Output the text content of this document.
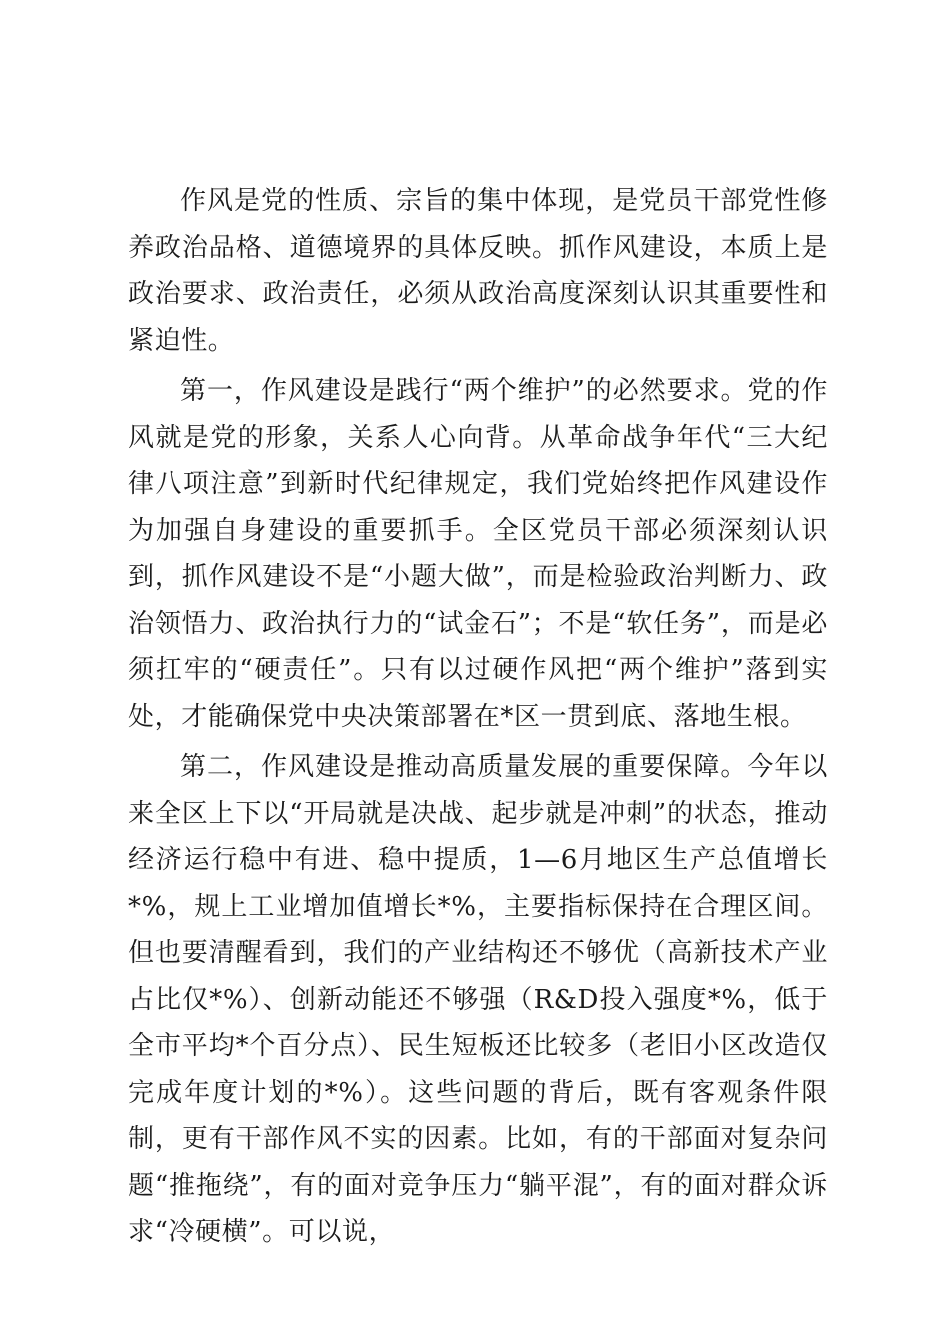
作风是党的性质、宗旨的集中体现，是党员干部党性修养政治品格、道德境界的具体反映。抓作风建设，本质上是政治要求、政治责任，必须从政治高度深刻认识其重要性和紧迫性。

第一，作风建设是践行“两个维护”的必然要求。党的作风就是党的形象，关系人心向背。从革命战争年代“三大纪律八项注意”到新时代纪律规定，我们党始终把作风建设作为加强自身建设的重要抓手。全区党员干部必须深刻认识到，抓作风建设不是“小题大做”，而是检验政治判断力、政治领悟力、政治执行力的“试金石”；不是“软任务”，而是必须扛牢的“硬责任”。只有以过硬作风把“两个维护”落到实处，才能确保党中央决策部署在*区一贯到底、落地生根。

第二，作风建设是推动高质量发展的重要保障。今年以来全区上下以“开局就是决战、起步就是冲刺”的状态，推动经济运行稳中有进、稳中提质，1—6月地区生产总值增长*%，规上工业增加值增长*%，主要指标保持在合理区间。但也要清醒看到，我们的产业结构还不够优（高新技术产业占比仅*%）、创新动能还不够强（R&D投入强度*%，低于全市平均*个百分点）、民生短板还比较多（老旧小区改造仅完成年度计划的*%）。这些问题的背后，既有客观条件限制，更有干部作风不实的因素。比如，有的干部面对复杂问题“推拖绕”，有的面对竞争压力“躺平混”，有的面对群众诉求“冷硬横”。可以说，
